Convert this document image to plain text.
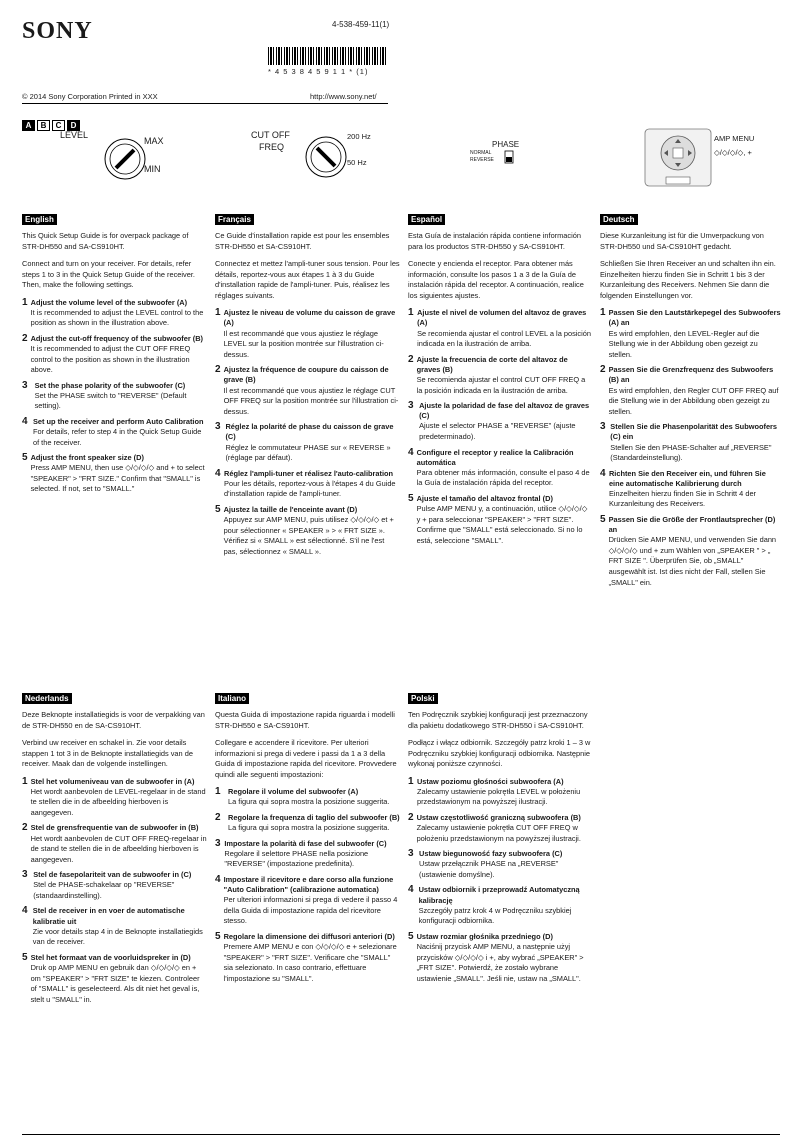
SONY	4-538-459-11(1)
* 4 5 3 8 4 5 9 1 1 * (1)
© 2014 Sony Corporation Printed in XXX	http://www.sony.net/
A	B	C	D
LEVEL
MAX
MIN
CUT OFF
FREQ
200 Hz
50 Hz
PHASE
NORMAL
REVERSE
AMP MENU
◇/◇/◇/◇, +
English
This Quick Setup Guide is for overpack package of STR-DH550 and SA-CS910HT.
Connect and turn on your receiver. For details, refer steps 1 to 3 in the Quick Setup Guide of the receiver. Then, make the following settings.
1 Adjust the volume level of the subwoofer (A)
It is recommended to adjust the LEVEL control to the position as shown in the illustration above.
2 Adjust the cut-off frequency of the subwoofer (B)
It is recommended to adjust the CUT OFF FREQ control to the position as shown in the illustration above.
3 Set the phase polarity of the subwoofer (C)
Set the PHASE switch to "REVERSE" (Default setting).
4 Set up the receiver and perform Auto Calibration
For details, refer to step 4 in the Quick Setup Guide of the receiver.
5 Adjust the front speaker size (D)
Press AMP MENU, then use ◇/◇/◇/◇ and + to select "SPEAKER" > "FRT SIZE." Confirm that "SMALL" is selected. If not, set to "SMALL."
Français
Ce Guide d'installation rapide est pour les ensembles STR-DH550 et SA-CS910HT.
Connectez et mettez l'ampli-tuner sous tension. Pour les détails, reportez-vous aux étapes 1 à 3 du Guide d'installation rapide de l'ampli-tuner. Puis, réalisez les réglages suivants.
1 Ajustez le niveau de volume du caisson de grave (A)
Il est recommandé que vous ajustiez le réglage LEVEL sur la position montrée sur l'illustration ci-dessus.
2 Ajustez la fréquence de coupure du caisson de grave (B)
Il est recommandé que vous ajustiez le réglage CUT OFF FREQ sur la position montrée sur l'illustration ci-dessus.
3 Réglez la polarité de phase du caisson de grave (C)
Réglez le commutateur PHASE sur « REVERSE » (réglage par défaut).
4 Réglez l'ampli-tuner et réalisez l'auto-calibration
Pour les détails, reportez-vous à l'étapes 4 du Guide d'installation rapide de l'ampli-tuner.
5 Ajustez la taille de l'enceinte avant (D)
Appuyez sur AMP MENU, puis utilisez ◇/◇/◇/◇ et + pour sélectionner « SPEAKER » > « FRT SIZE ». Vérifiez si « SMALL » est sélectionné. S'il ne l'est pas, sélectionnez « SMALL ».
Español
Esta Guía de instalación rápida contiene información para los productos STR-DH550 y SA-CS910HT.
Conecte y encienda el receptor. Para obtener más información, consulte los pasos 1 a 3 de la Guía de instalación rápida del receptor. A continuación, realice los siguientes ajustes.
1 Ajuste el nivel de volumen del altavoz de graves (A)
Se recomienda ajustar el control LEVEL a la posición indicada en la ilustración de arriba.
2 Ajuste la frecuencia de corte del altavoz de graves (B)
Se recomienda ajustar el control CUT OFF FREQ a la posición indicada en la ilustración de arriba.
3 Ajuste la polaridad de fase del altavoz de graves (C)
Ajuste el selector PHASE a "REVERSE" (ajuste predeterminado).
4 Configure el receptor y realice la Calibración automática
Para obtener más información, consulte el paso 4 de la Guía de instalación rápida del receptor.
5 Ajuste el tamaño del altavoz frontal (D)
Pulse AMP MENU y, a continuación, utilice ◇/◇/◇/◇ y + para seleccionar "SPEAKER" > "FRT SIZE". Confirme que "SMALL" está seleccionado. Si no lo está, seleccione "SMALL".
Deutsch
Diese Kurzanleitung ist für die Umverpackung von STR-DH550 und SA-CS910HT gedacht.
Schließen Sie Ihren Receiver an und schalten ihn ein. Einzelheiten hierzu finden Sie in Schritt 1 bis 3 der Kurzanleitung des Receivers. Nehmen Sie dann die folgenden Einstellungen vor.
1 Passen Sie den Lautstärkepegel des Subwoofers (A) an
Es wird empfohlen, den LEVEL-Regler auf die Stellung wie in der Abbildung oben gezeigt zu stellen.
2 Passen Sie die Grenzfrequenz des Subwoofers (B) an
Es wird empfohlen, den Regler CUT OFF FREQ auf die Stellung wie in der Abbildung oben gezeigt zu stellen.
3 Stellen Sie die Phasenpolarität des Subwoofers (C) ein
Stellen Sie den PHASE-Schalter auf „REVERSE" (Standardeinstellung).
4 Richten Sie den Receiver ein, und führen Sie eine automatische Kalibrierung durch
Einzelheiten hierzu finden Sie in Schritt 4 der Kurzanleitung des Receivers.
5 Passen Sie die Größe der Frontlautsprecher (D) an
Drücken Sie AMP MENU, und verwenden Sie dann ◇/◇/◇/◇ und + zum Wählen von „SPEAKER " > „ FRT SIZE ". Überprüfen Sie, ob „SMALL" ausgewählt ist. Ist dies nicht der Fall, stellen Sie „SMALL" ein.
Nederlands
Deze Beknopte installatiegids is voor de verpakking van de STR-DH550 en de SA-CS910HT.
Verbind uw receiver en schakel in. Zie voor details stappen 1 tot 3 in de Beknopte installatiegids van de receiver. Maak dan de volgende instellingen.
1 Stel het volumeniveau van de subwoofer in (A)
Het wordt aanbevolen de LEVEL-regelaar in de stand te stellen die in de afbeelding hierboven is aangegeven.
2 Stel de grensfrequentie van de subwoofer in (B)
Het wordt aanbevolen de CUT OFF FREQ-regelaar in de stand te stellen die in de afbeelding hierboven is aangegeven.
3 Stel de fasepolariteit van de subwoofer in (C)
Stel de PHASE-schakelaar op "REVERSE" (standaardinstelling).
4 Stel de receiver in en voer de automatische kalibratie uit
Zie voor details stap 4 in de Beknopte installatiegids van de receiver.
5 Stel het formaat van de voorluidspreker in (D)
Druk op AMP MENU en gebruik dan ◇/◇/◇/◇ en + om "SPEAKER" > "FRT SIZE" te kiezen. Controleer of "SMALL" is geselecteerd. Als dit niet het geval is, stelt u "SMALL" in.
Italiano
Questa Guida di impostazione rapida riguarda i modelli STR-DH550 e SA-CS910HT.
Collegare e accendere il ricevitore. Per ulteriori informazioni si prega di vedere i passi da 1 a 3 della Guida di impostazione rapida del ricevitore. Provvedere quindi alle seguenti impostazioni:
1	Regolare il volume del subwoofer (A)
La figura qui sopra mostra la posizione suggerita.
2	Regolare la frequenza di taglio del subwoofer (B)
La figura qui sopra mostra la posizione suggerita.
3 Impostare la polarità di fase del subwoofer (C)
Regolare il selettore PHASE nella posizione "REVERSE" (impostazione predefinita).
4 Impostare il ricevitore e dare corso alla funzione "Auto Calibration" (calibrazione automatica)
Per ulteriori informazioni si prega di vedere il passo 4 della Guida di impostazione rapida del ricevitore stesso.
5 Regolare la dimensione dei diffusori anteriori (D)
Premere AMP MENU e con ◇/◇/◇/◇ e + selezionare "SPEAKER" > "FRT SIZE". Verificare che "SMALL" sia selezionato. In caso contrario, effettuare l'impostazione su "SMALL".
Polski
Ten Podręcznik szybkiej konfiguracji jest przeznaczony dla pakietu dodatkowego STR-DH550 i SA-CS910HT.
Podłącz i włącz odbiornik. Szczegóły patrz kroki 1 – 3 w Podręczniku szybkiej konfiguracji odbiornika. Następnie wykonaj poniższe czynności.
1 Ustaw poziomu głośności subwoofera (A)
Zalecamy ustawienie pokrętła LEVEL w położeniu przedstawionym na powyższej ilustracji.
2 Ustaw częstotliwość graniczną subwoofera (B)
Zalecamy ustawienie pokrętła CUT OFF FREQ w położeniu przedstawionym na powyższej ilustracji.
3 Ustaw biegunowość fazy subwoofera (C)
Ustaw przełącznik PHASE na „REVERSE" (ustawienie domyślne).
4 Ustaw odbiornik i przeprowadź Automatyczną kalibrację
Szczegóły patrz krok 4 w Podręczniku szybkiej konfiguracji odbiornika.
5 Ustaw rozmiar głośnika przedniego (D)
Naciśnij przycisk AMP MENU, a następnie użyj przycisków ◇/◇/◇/◇ i +, aby wybrać „SPEAKER" > „FRT SIZE". Potwierdź, że zostało wybrane ustawienie „SMALL". Jeśli nie, ustaw na „SMALL".
